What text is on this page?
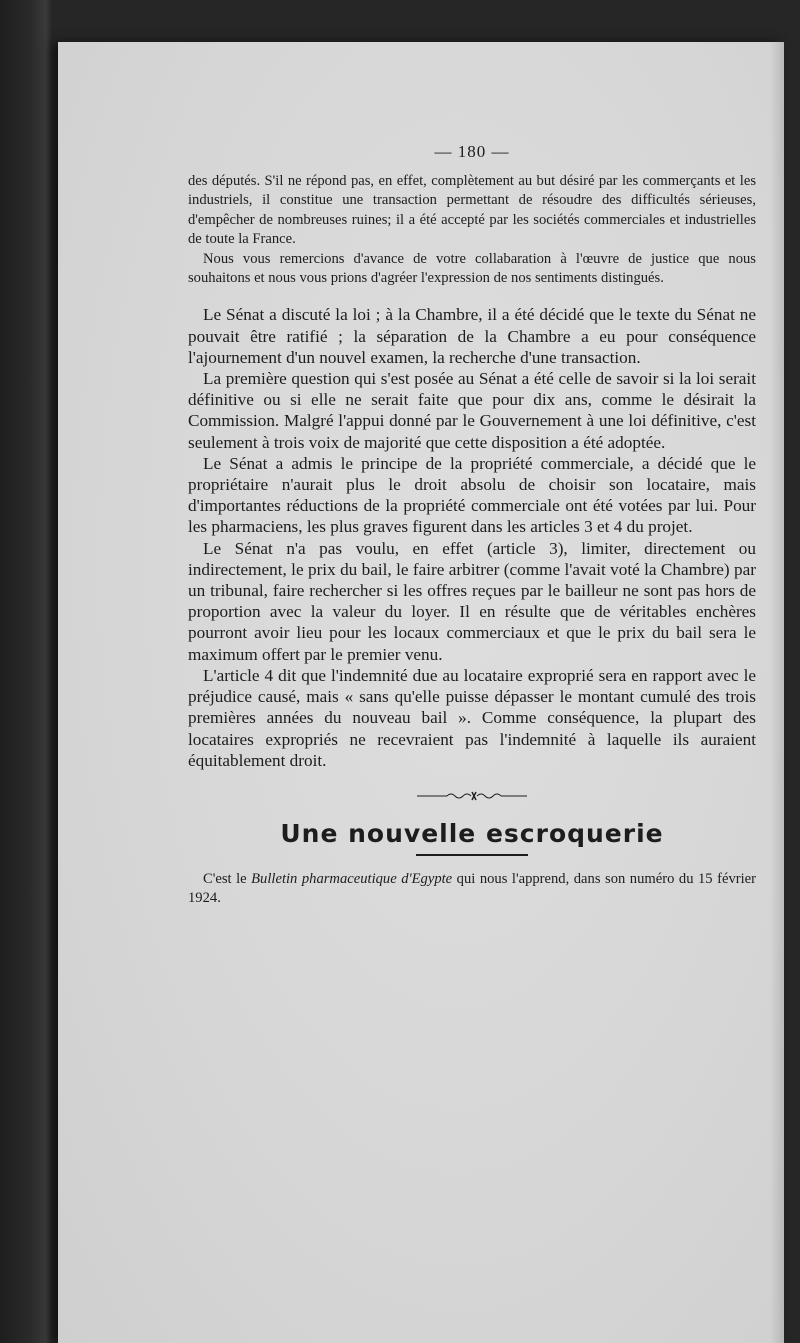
— 180 —

des députés. S'il ne répond pas, en effet, complètement au but désiré par les commerçants et les industriels, il constitue une transaction permettant de résoudre des difficultés sérieuses, d'empêcher de nombreuses ruines; il a été accepté par les sociétés commerciales et industrielles de toute la France.

Nous vous remercions d'avance de votre collabaration à l'œuvre de justice que nous souhaitons et nous vous prions d'agréer l'expression de nos sentiments distingués.

Le Sénat a discuté la loi ; à la Chambre, il a été décidé que le texte du Sénat ne pouvait être ratifié ; la séparation de la Chambre a eu pour conséquence l'ajournement d'un nouvel examen, la recherche d'une transaction.

La première question qui s'est posée au Sénat a été celle de savoir si la loi serait définitive ou si elle ne serait faite que pour dix ans, comme le désirait la Commission. Malgré l'appui donné par le Gouvernement à une loi définitive, c'est seulement à trois voix de majorité que cette disposition a été adoptée.

Le Sénat a admis le principe de la propriété commerciale, a décidé que le propriétaire n'aurait plus le droit absolu de choisir son locataire, mais d'importantes réductions de la propriété commerciale ont été votées par lui. Pour les pharmaciens, les plus graves figurent dans les articles 3 et 4 du projet.

Le Sénat n'a pas voulu, en effet (article 3), limiter, directement ou indirectement, le prix du bail, le faire arbitrer (comme l'avait voté la Chambre) par un tribunal, faire rechercher si les offres reçues par le bailleur ne sont pas hors de proportion avec la valeur du loyer. Il en résulte que de véritables enchères pourront avoir lieu pour les locaux commerciaux et que le prix du bail sera le maximum offert par le premier venu.

L'article 4 dit que l'indemnité due au locataire exproprié sera en rapport avec le préjudice causé, mais « sans qu'elle puisse dépasser le montant cumulé des trois premières années du nouveau bail ». Comme conséquence, la plupart des locataires expropriés ne recevraient pas l'indemnité à laquelle ils auraient équitablement droit.

Une nouvelle escroquerie

C'est le Bulletin pharmaceutique d'Egypte qui nous l'apprend, dans son numéro du 15 février 1924.
